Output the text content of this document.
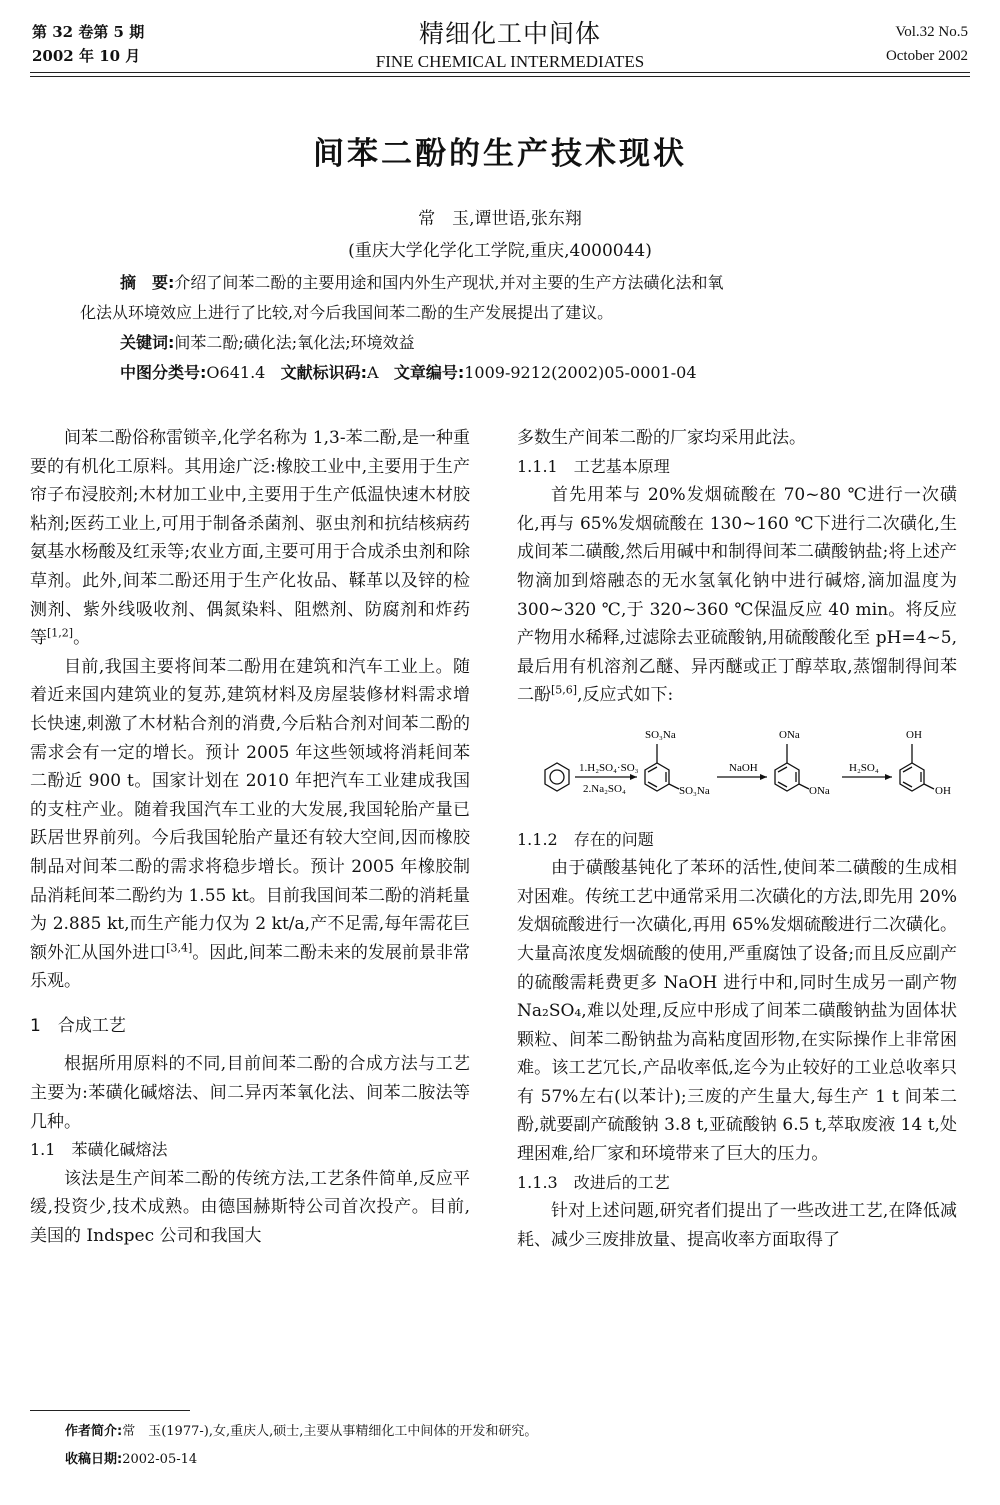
第 32 卷第 5 期
2002 年 10 月
精细化工中间体
FINE CHEMICAL INTERMEDIATES
Vol.32 No.5
October 2002
间苯二酚的生产技术现状
常　玉,谭世语,张东翔
(重庆大学化学化工学院,重庆,4000044)
摘　要:介绍了间苯二酚的主要用途和国内外生产现状,并对主要的生产方法磺化法和氧
化法从环境效应上进行了比较,对今后我国间苯二酚的生产发展提出了建议。
关键词:间苯二酚;磺化法;氧化法;环境效益
中图分类号:O641.4 文献标识码:A 文章编号:1009-9212(2002)05-0001-04

间苯二酚俗称雷锁辛,化学名称为 1,3-苯二酚,是一种重要的有机化工原料。其用途广泛:橡胶工业中,主要用于生产帘子布浸胶剂;木材加工业中,主要用于生产低温快速木材胶粘剂;医药工业上,可用于制备杀菌剂、驱虫剂和抗结核病药氨基水杨酸及红汞等;农业方面,主要可用于合成杀虫剂和除草剂。此外,间苯二酚还用于生产化妆品、鞣革以及锌的检测剂、紫外线吸收剂、偶氮染料、阻燃剂、防腐剂和炸药等[1,2]。

目前,我国主要将间苯二酚用在建筑和汽车工业上。随着近来国内建筑业的复苏,建筑材料及房屋装修材料需求增长快速,刺激了木材粘合剂的消费,今后粘合剂对间苯二酚的需求会有一定的增长。预计 2005 年这些领域将消耗间苯二酚近 900 t。国家计划在 2010 年把汽车工业建成我国的支柱产业。随着我国汽车工业的大发展,我国轮胎产量已跃居世界前列。今后我国轮胎产量还有较大空间,因而橡胶制品对间苯二酚的需求将稳步增长。预计 2005 年橡胶制品消耗间苯二酚约为 1.55 kt。目前我国间苯二酚的消耗量为 2.885 kt,而生产能力仅为 2 kt/a,产不足需,每年需花巨额外汇从国外进口[3,4]。因此,间苯二酚未来的发展前景非常乐观。

1　合成工艺

根据所用原料的不同,目前间苯二酚的合成方法与工艺主要为:苯磺化碱熔法、间二异丙苯氧化法、间苯二胺法等几种。

1.1　苯磺化碱熔法

该法是生产间苯二酚的传统方法,工艺条件简单,反应平缓,投资少,技术成熟。由德国赫斯特公司首次投产。目前,美国的 Indspec 公司和我国大

多数生产间苯二酚的厂家均采用此法。
1.1.1　工艺基本原理

首先用苯与 20%发烟硫酸在 70~80 ℃进行一次磺化,再与 65%发烟硫酸在 130~160 ℃下进行二次磺化,生成间苯二磺酸,然后用碱中和制得间苯二磺酸钠盐;将上述产物滴加到熔融态的无水氢氧化钠中进行碱熔,滴加温度为 300~320 ℃,于 320~360 ℃保温反应 40 min。将反应产物用水稀释,过滤除去亚硫酸钠,用硫酸酸化至 pH=4~5,最后用有机溶剂乙醚、异丙醚或正丁醇萃取,蒸馏制得间苯二酚[5,6],反应式如下:

1.H₂SO₄·SO₃
2.Na₂SO₄
SO₃Na
SO₃Na
NaOH
ONa
ONa
H₂SO₄
OH
OH
1.1.2　存在的问题

由于磺酸基钝化了苯环的活性,使间苯二磺酸的生成相对困难。传统工艺中通常采用二次磺化的方法,即先用 20% 发烟硫酸进行一次磺化,再用 65%发烟硫酸进行二次磺化。大量高浓度发烟硫酸的使用,严重腐蚀了设备;而且反应副产的硫酸需耗费更多 NaOH 进行中和,同时生成另一副产物 Na₂SO₄,难以处理,反应中形成了间苯二磺酸钠盐为固体状颗粒、间苯二酚钠盐为高粘度固形物,在实际操作上非常困难。该工艺冗长,产品收率低,迄今为止较好的工业总收率只有 57%左右(以苯计);三废的产生量大,每生产 1 t 间苯二酚,就要副产硫酸钠 3.8 t,亚硫酸钠 6.5 t,萃取废液 14 t,处理困难,给厂家和环境带来了巨大的压力。

1.1.3　改进后的工艺

针对上述问题,研究者们提出了一些改进工艺,在降低减耗、减少三废排放量、提高收率方面取得了

作者简介:常　玉(1977-),女,重庆人,硕士,主要从事精细化工中间体的开发和研究。
收稿日期:2002-05-14
